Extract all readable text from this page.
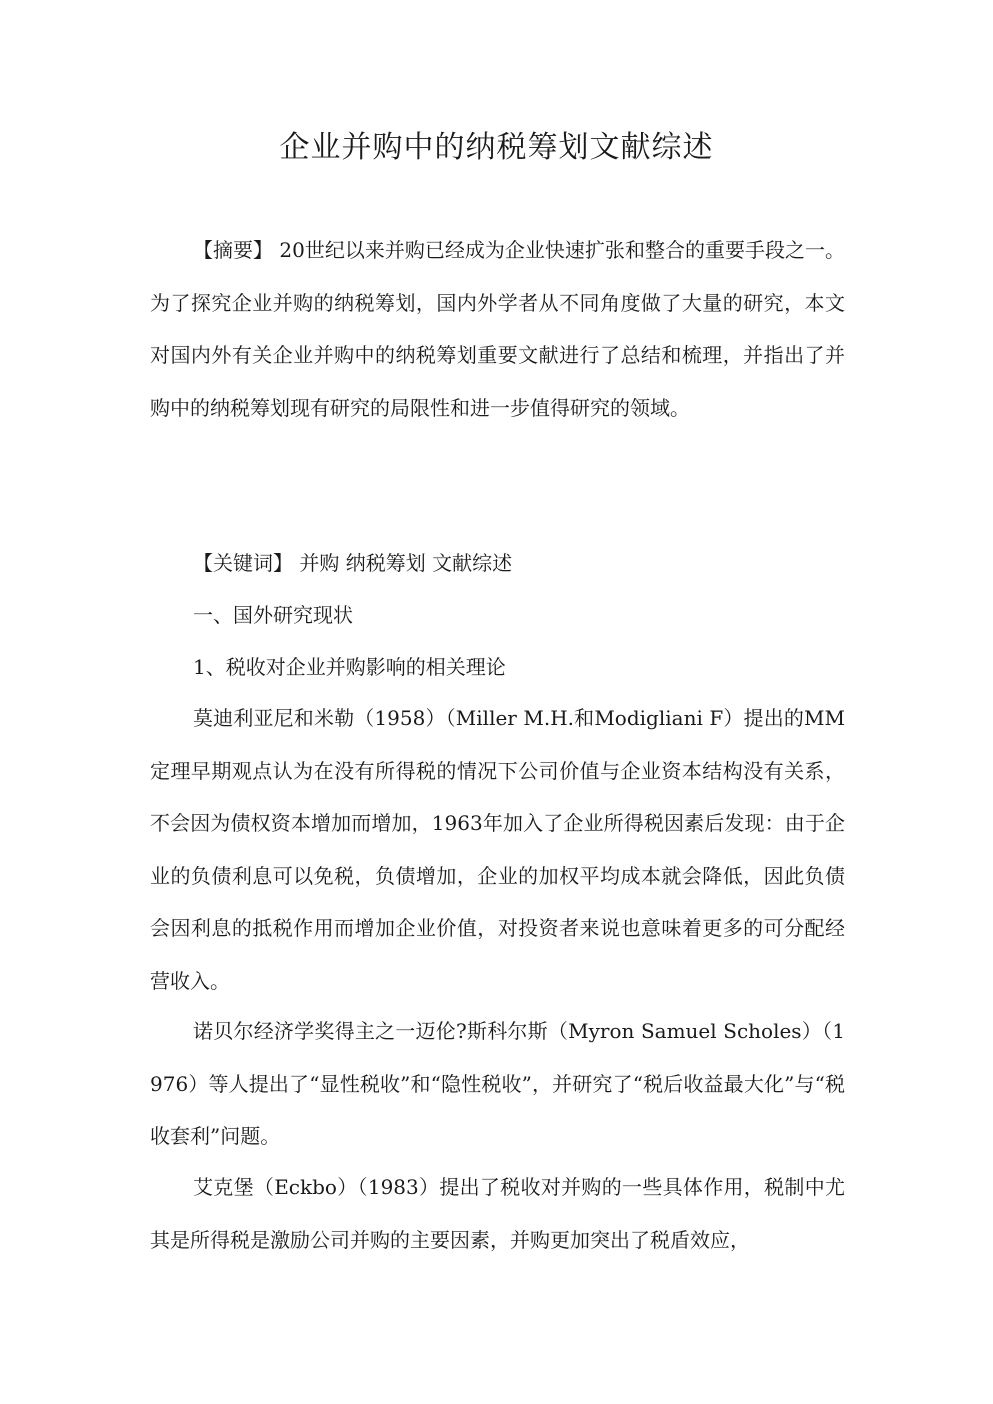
企业并购中的纳税筹划文献综述

【摘要】 20世纪以来并购已经成为企业快速扩张和整合的重要手段之一。为了探究企业并购的纳税筹划，国内外学者从不同角度做了大量的研究，本文对国内外有关企业并购中的纳税筹划重要文献进行了总结和梳理，并指出了并购中的纳税筹划现有研究的局限性和进一步值得研究的领域。

【关键词】 并购 纳税筹划 文献综述

一、国外研究现状

1、税收对企业并购影响的相关理论

莫迪利亚尼和米勒（1958）（Miller M.H.和Modigliani F）提出的MM 定理早期观点认为在没有所得税的情况下公司价值与企业资本结构没有关系，不会因为债权资本增加而增加，1963年加入了企业所得税因素后发现：由于企业的负债利息可以免税，负债增加，企业的加权平均成本就会降低，因此负债会因利息的抵税作用而增加企业价值，对投资者来说也意味着更多的可分配经营收入。

诺贝尔经济学奖得主之一迈伦?斯科尔斯（Myron Samuel Scholes）（1976）等人提出了“显性税收”和“隐性税收”，并研究了“税后收益最大化”与“税收套利”问题。

艾克堡（Eckbo）（1983）提出了税收对并购的一些具体作用，税制中尤其是所得税是激励公司并购的主要因素，并购更加突出了税盾效应，
